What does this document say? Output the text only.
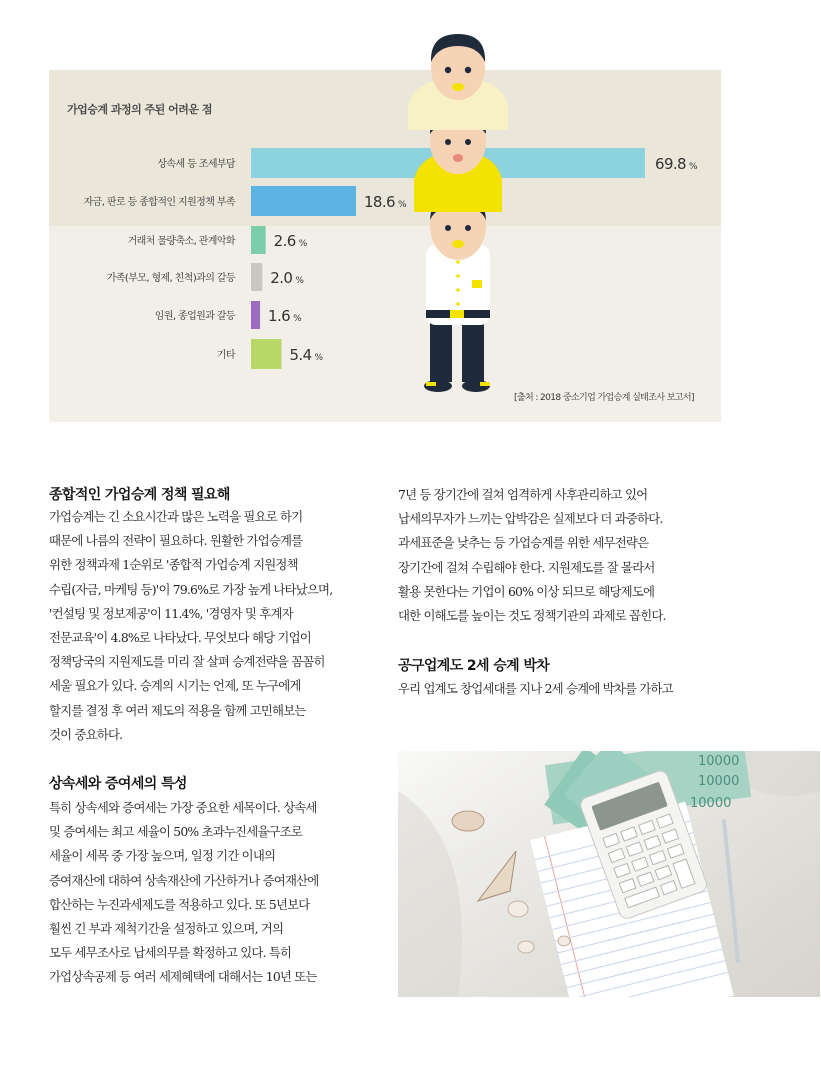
가업승계 과정의 주된 어려운 점
상속세 등 조세부담	69.8 %
자금, 판로 등 종합적인 지원정책 부족	18.6 %
거래처 물량축소, 관계악화	2.6 %
가족(부모, 형제, 친척)과의 갈등 2.0 %
임원, 종업원과 갈등 1.6 %
기타	5.4 %
[출처 : 2018 중소기업 가업승계 실태조사 보고서]
종합적인 가업승계 정책 필요해
가업승계는 긴 소요시간과 많은 노력을 필요로 하기
때문에 나름의 전략이 필요하다. 원활한 가업승계를
위한 정책과제 1순위로 '종합적 가업승계 지원정책
수립(자금, 마케팅 등)'이 79.6%로 가장 높게 나타났으며,
'컨설팅 및 정보제공'이 11.4%, '경영자 및 후계자
전문교육'이 4.8%로 나타났다. 무엇보다 해당 기업이
정책당국의 지원제도를 미리 잘 살펴 승계전략을 꼼꼼히
세울 필요가 있다. 승계의 시기는 언제, 또 누구에게
할지를 결정 후 여러 제도의 적용을 함께 고민해보는
것이 중요하다.
상속세와 증여세의 특성
특히 상속세와 증여세는 가장 중요한 세목이다. 상속세
및 증여세는 최고 세율이 50% 초과누진세율구조로
세율이 세목 중 가장 높으며, 일정 기간 이내의
증여재산에 대하여 상속재산에 가산하거나 증여재산에
합산하는 누진과세제도를 적용하고 있다. 또 5년보다
훨씬 긴 부과 제척기간을 설정하고 있으며, 거의
모두 세무조사로 납세의무를 확정하고 있다. 특히
가업상속공제 등 여러 세제혜택에 대해서는 10년 또는
7년 등 장기간에 걸쳐 엄격하게 사후관리하고 있어
납세의무자가 느끼는 압박감은 실제보다 더 과중하다.
과세표준을 낮추는 등 가업승계를 위한 세무전략은
장기간에 걸쳐 수립해야 한다. 지원제도를 잘 몰라서
활용 못한다는 기업이 60% 이상 되므로 해당제도에
대한 이해도를 높이는 것도 정책기관의 과제로 꼽힌다.
공구업계도 2세 승계 박차
우리 업계도 창업세대를 지나 2세 승계에 박차를 가하고
10000
10000
10000
